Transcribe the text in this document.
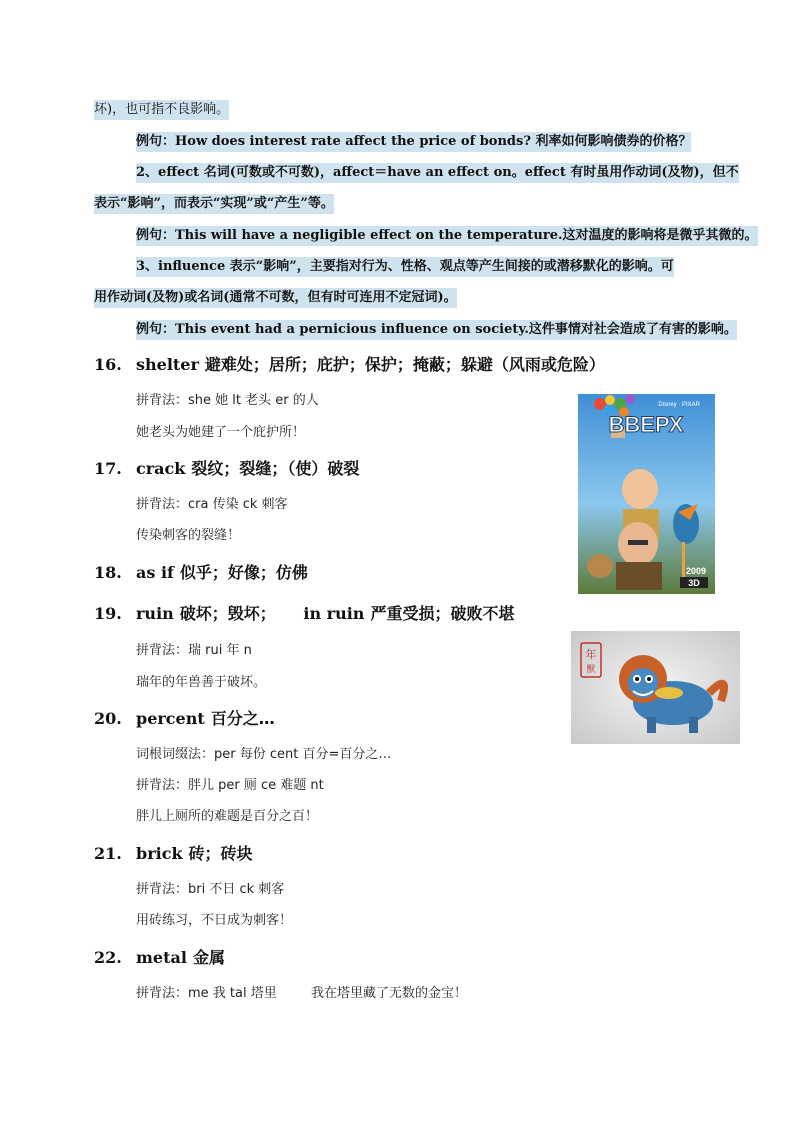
坏)，也可指不良影响。
例句：How does interest rate affect the price of bonds? 利率如何影响债券的价格？
2、effect 名词(可数或不可数)，affect＝have an effect on。effect 有时虽用作动词(及物)，但不
表示“影响”，而表示“实现”或“产生”等。
例句：This will have a negligible effect on the temperature.这对温度的影响将是微乎其微的。
3、influence 表示“影响”，主要指对行为、性格、观点等产生间接的或潜移默化的影响。可
用作动词(及物)或名词(通常不可数，但有时可连用不定冠词)。
例句：This event had a pernicious influence on society.这件事情对社会造成了有害的影响。
16. shelter 避难处；居所；庇护；保护；掩蔽；躲避（风雨或危险）
拼背法：she 她 lt 老头 er 的人
她老头为她建了一个庇护所！
17. crack 裂纹；裂缝；（使）破裂
拼背法：cra 传染 ck 刺客
传染刺客的裂缝！
18. as if 似乎；好像；仿佛
19. ruin 破坏；毁坏； in ruin 严重受损；破败不堪
拼背法：瑞 rui 年 n
瑞年的年兽善于破坏。
20. percent 百分之…
词根词缀法：per 每份 cent 百分=百分之…
拼背法：胖儿 per 厕 ce 难题 nt
胖儿上厕所的难题是百分之百！
21. brick 砖；砖块
拼背法：bri 不日 ck 刺客
用砖练习，不日成为刺客！
22. metal 金属
拼背法：me 我 tal 塔里	我在塔里藏了无数的金宝！
Disney · PIXAR
ВВЕРХ
2009
3D
年
獸
